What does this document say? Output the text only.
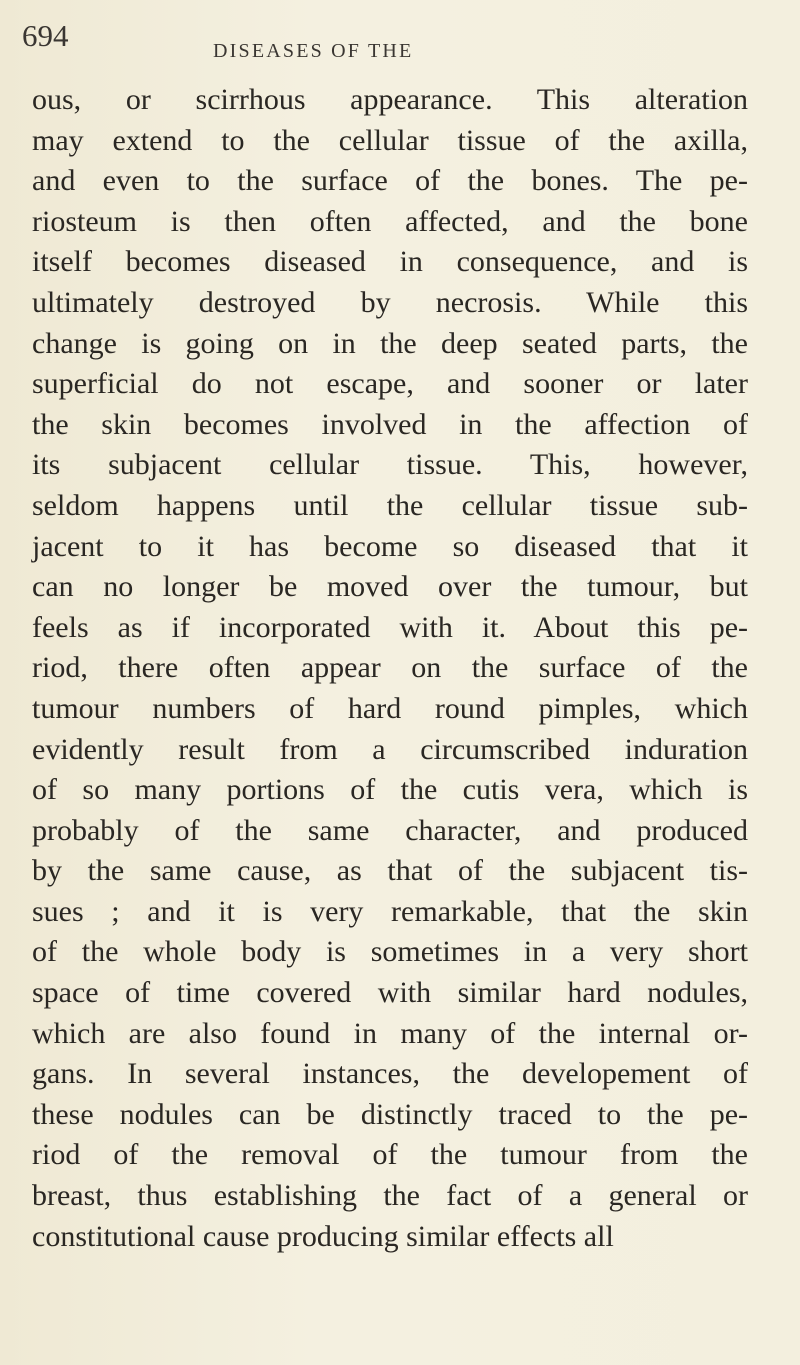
694	DISEASES OF THE
ous, or scirrhous appearance. This alteration
may extend to the cellular tissue of the axilla,
and even to the surface of the bones. The pe-
riosteum is then often affected, and the bone
itself becomes diseased in consequence, and is
ultimately destroyed by necrosis. While this
change is going on in the deep seated parts, the
superficial do not escape, and sooner or later
the skin becomes involved in the affection of
its subjacent cellular tissue. This, however,
seldom happens until the cellular tissue sub-
jacent to it has become so diseased that it
can no longer be moved over the tumour, but
feels as if incorporated with it. About this pe-
riod, there often appear on the surface of the
tumour numbers of hard round pimples, which
evidently result from a circumscribed induration
of so many portions of the cutis vera, which is
probably of the same character, and produced
by the same cause, as that of the subjacent tis-
sues ; and it is very remarkable, that the skin
of the whole body is sometimes in a very short
space of time covered with similar hard nodules,
which are also found in many of the internal or-
gans. In several instances, the developement of
these nodules can be distinctly traced to the pe-
riod of the removal of the tumour from the
breast, thus establishing the fact of a general or
constitutional cause producing similar effects all
